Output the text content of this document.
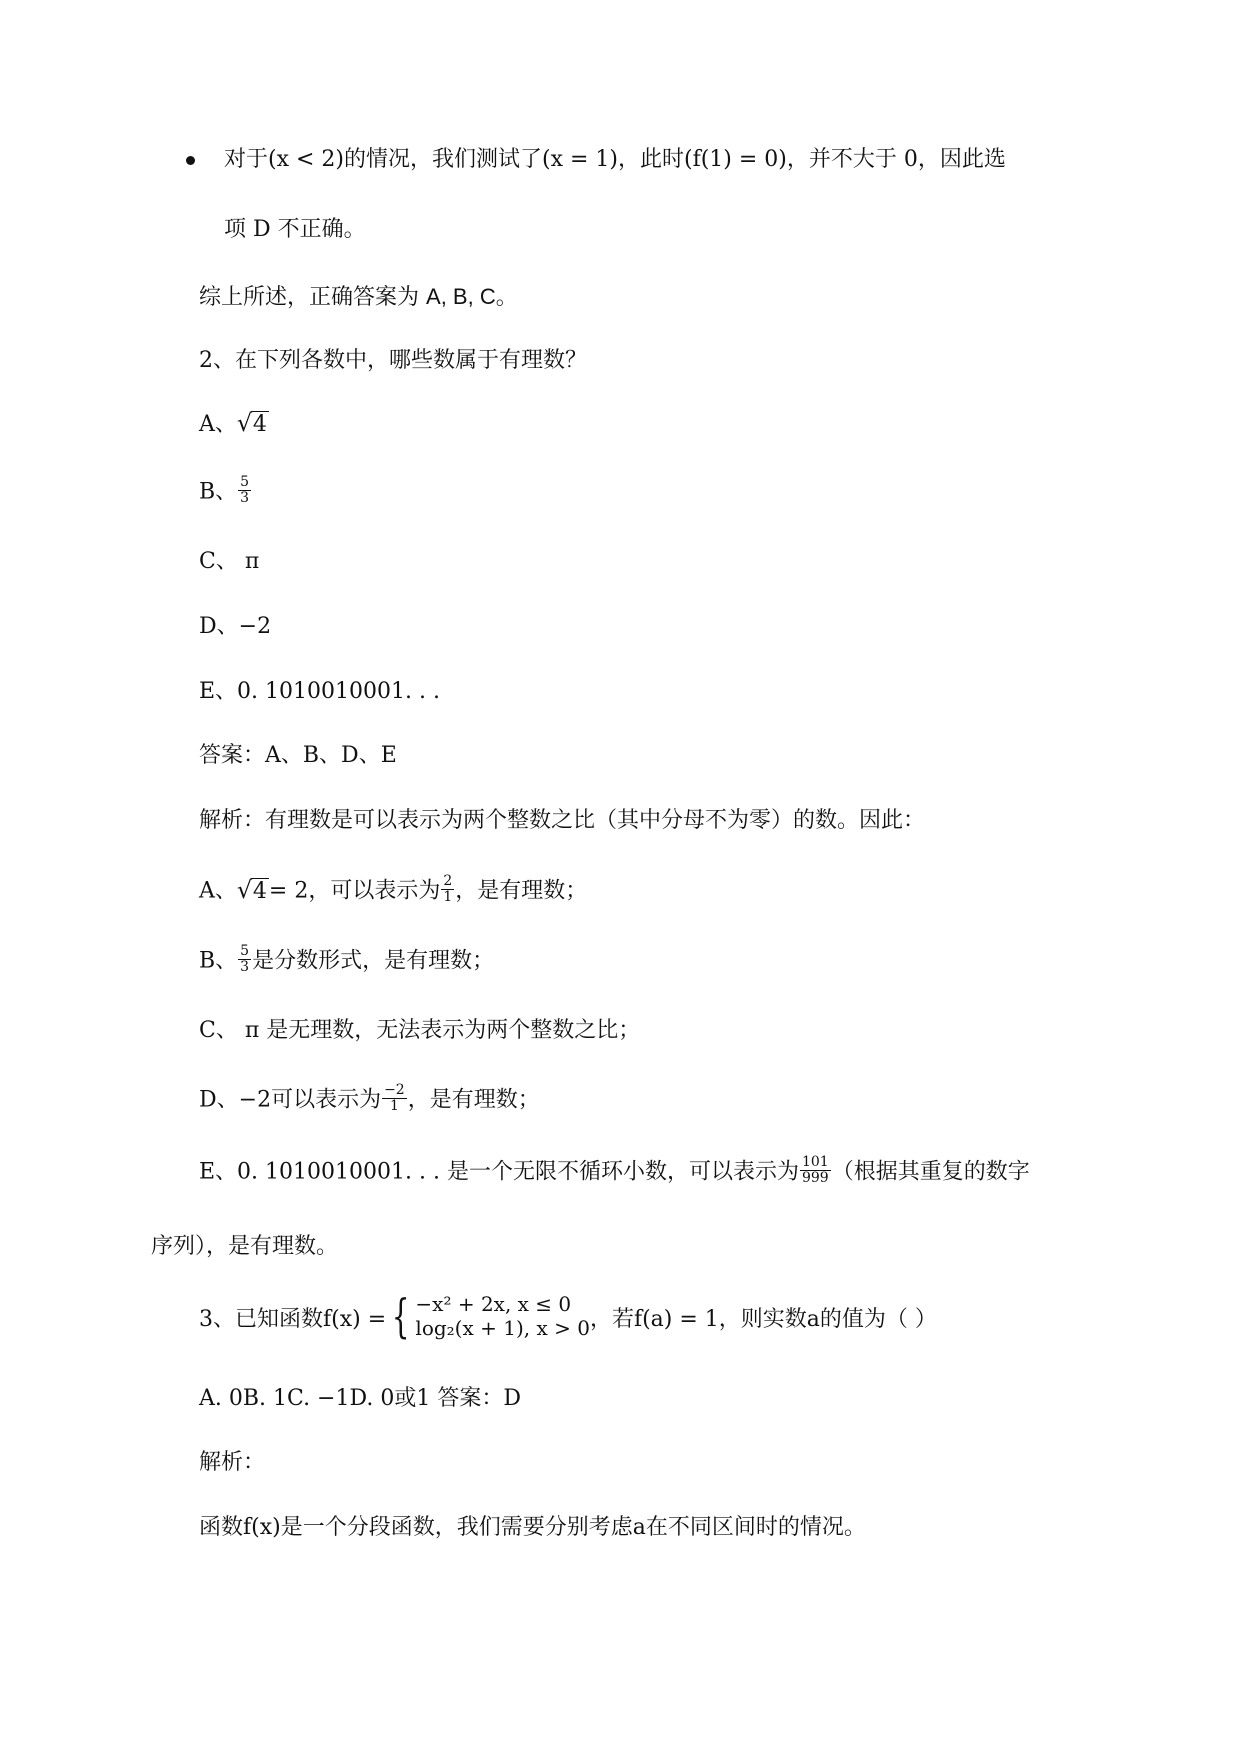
对于(x < 2)的情况，我们测试了(x = 1)，此时(f(1) = 0)，并不大于 0，因此选
项 D 不正确。
综上所述，正确答案为 A, B, C。
2、在下列各数中，哪些数属于有理数？
A、 √ 4
B、 $\frac{5}{3}$
C、 π
D、−2
E、0. 1010010001. . .
答案：A、B、D、E
解析：有理数是可以表示为两个整数之比（其中分母不为零）的数。因此：
A、 √ 4= 2，可以表示为 $\frac{2}{1}$ ，是有理数；
B、 $\frac{5}{3}$ 是分数形式，是有理数；
C、 π 是无理数，无法表示为两个整数之比；
D、−2可以表示为 $\frac{-2}{1}$ ，是有理数；
E、0. 1010010001. . . 是一个无限不循环小数，可以表示为 $\frac{101}{999}$ （根据其重复的数字
序列），是有理数。
3、已知函数f(x) = { −x² + 2x, x ≤ 0
log₂(x + 1), x > 0 ，若f(a) = 1，则实数a的值为（ ）
A. 0B. 1C. −1D. 0或1 答案：D
解析：
函数f(x)是一个分段函数，我们需要分别考虑a在不同区间时的情况。
